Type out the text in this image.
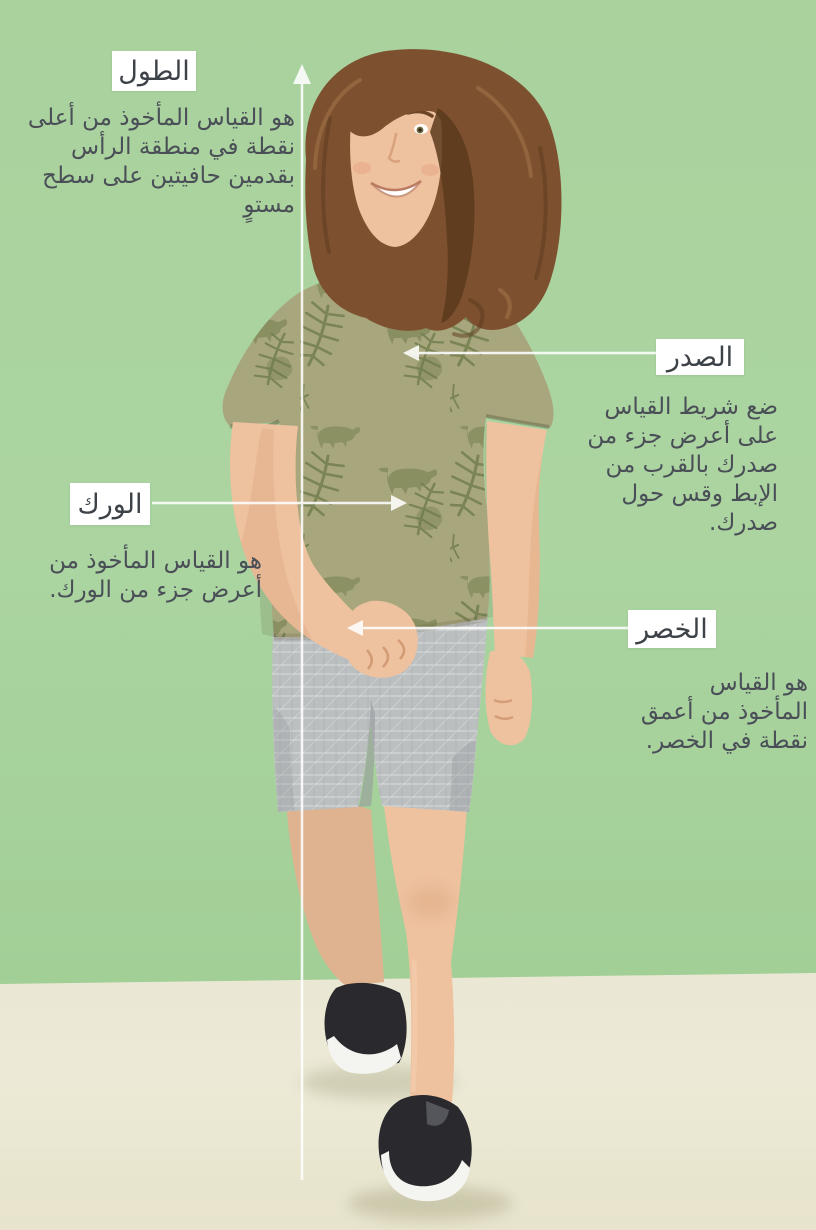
الطول
هو القياس المأخوذ من أعلى
نقطة في منطقة الرأس
بقدمين حافيتين على سطح
مستوٍ
الصدر
ضع شريط القياس
على أعرض جزء من
صدرك بالقرب من
الإبط وقس حول
صدرك.
الورك
هو القياس المأخوذ من
أعرض جزء من الورك.
الخصر
هو القياس
المأخوذ من أعمق
نقطة في الخصر.
